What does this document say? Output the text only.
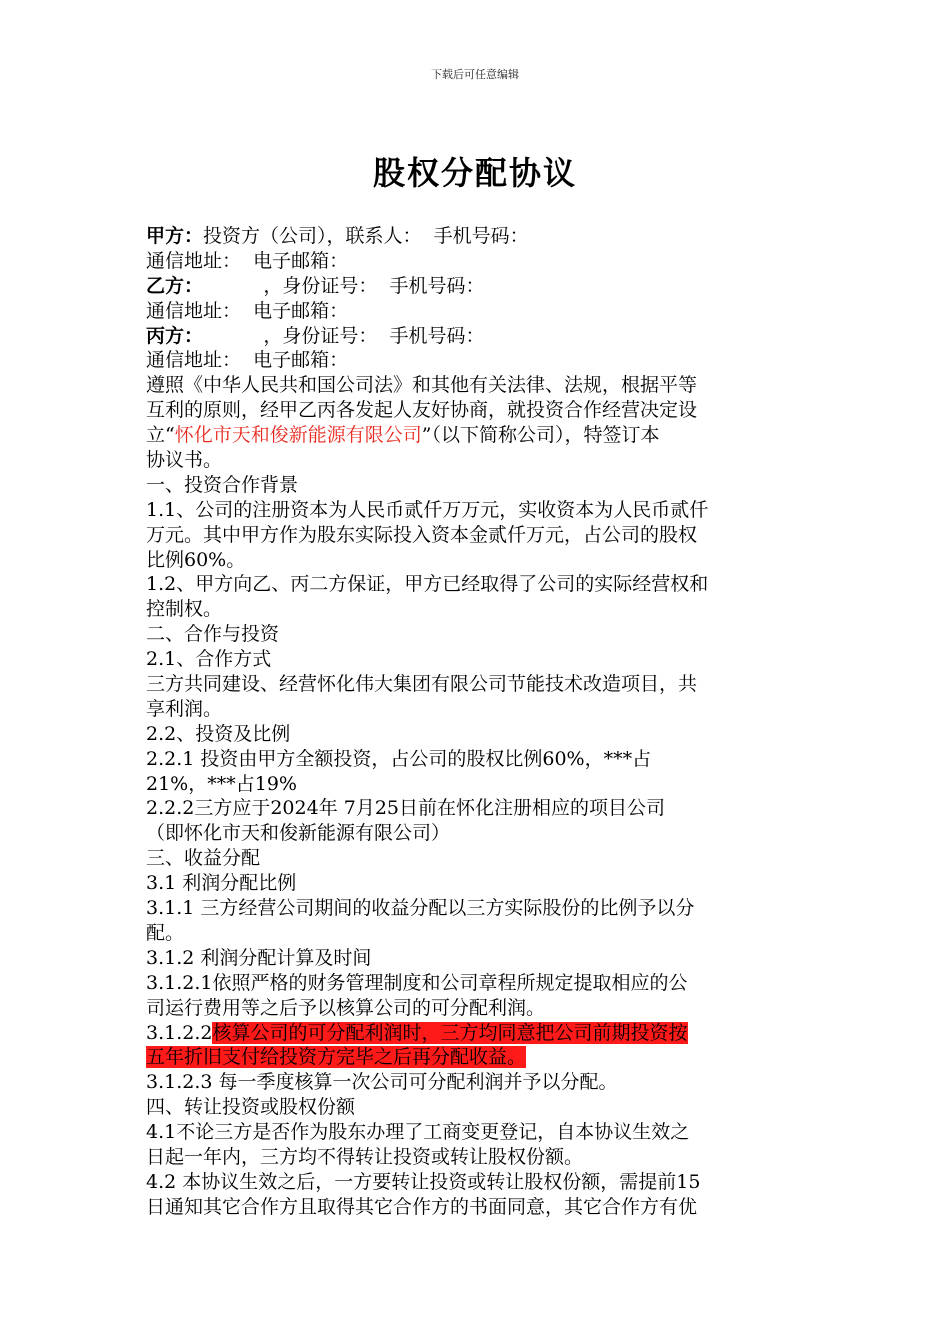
下载后可任意编辑
股权分配协议
甲方：投资方（公司），联系人：  手机号码：
通信地址：  电子邮箱：
乙方：          ，身份证号：  手机号码：
通信地址：  电子邮箱：
丙方：          ，身份证号：  手机号码：
通信地址：  电子邮箱：
遵照《中华人民共和国公司法》和其他有关法律、法规，根据平等
互利的原则，经甲乙丙各发起人友好协商，就投资合作经营决定设
立“怀化市天和俊新能源有限公司”（以下简称公司），特签订本
协议书。
一、投资合作背景
1.1、公司的注册资本为人民币贰仟万万元，实收资本为人民币贰仟
万元。其中甲方作为股东实际投入资本金贰仟万元，占公司的股权
比例60%。
1.2、甲方向乙、丙二方保证，甲方已经取得了公司的实际经营权和
控制权。
二、合作与投资
2.1、合作方式
三方共同建设、经营怀化伟大集团有限公司节能技术改造项目，共
享利润。
2.2、投资及比例
2.2.1 投资由甲方全额投资，占公司的股权比例60%，***占
21%，***占19%
2.2.2三方应于2024年 7月25日前在怀化注册相应的项目公司
（即怀化市天和俊新能源有限公司）
三、收益分配
3.1 利润分配比例
3.1.1 三方经营公司期间的收益分配以三方实际股份的比例予以分
配。
3.1.2 利润分配计算及时间
3.1.2.1依照严格的财务管理制度和公司章程所规定提取相应的公
司运行费用等之后予以核算公司的可分配利润。
3.1.2.2核算公司的可分配利润时，三方均同意把公司前期投资按
五年折旧支付给投资方完毕之后再分配收益。
3.1.2.3 每一季度核算一次公司可分配利润并予以分配。
四、转让投资或股权份额
4.1不论三方是否作为股东办理了工商变更登记，自本协议生效之
日起一年内，三方均不得转让投资或转让股权份额。
4.2 本协议生效之后，一方要转让投资或转让股权份额，需提前15
日通知其它合作方且取得其它合作方的书面同意，其它合作方有优
